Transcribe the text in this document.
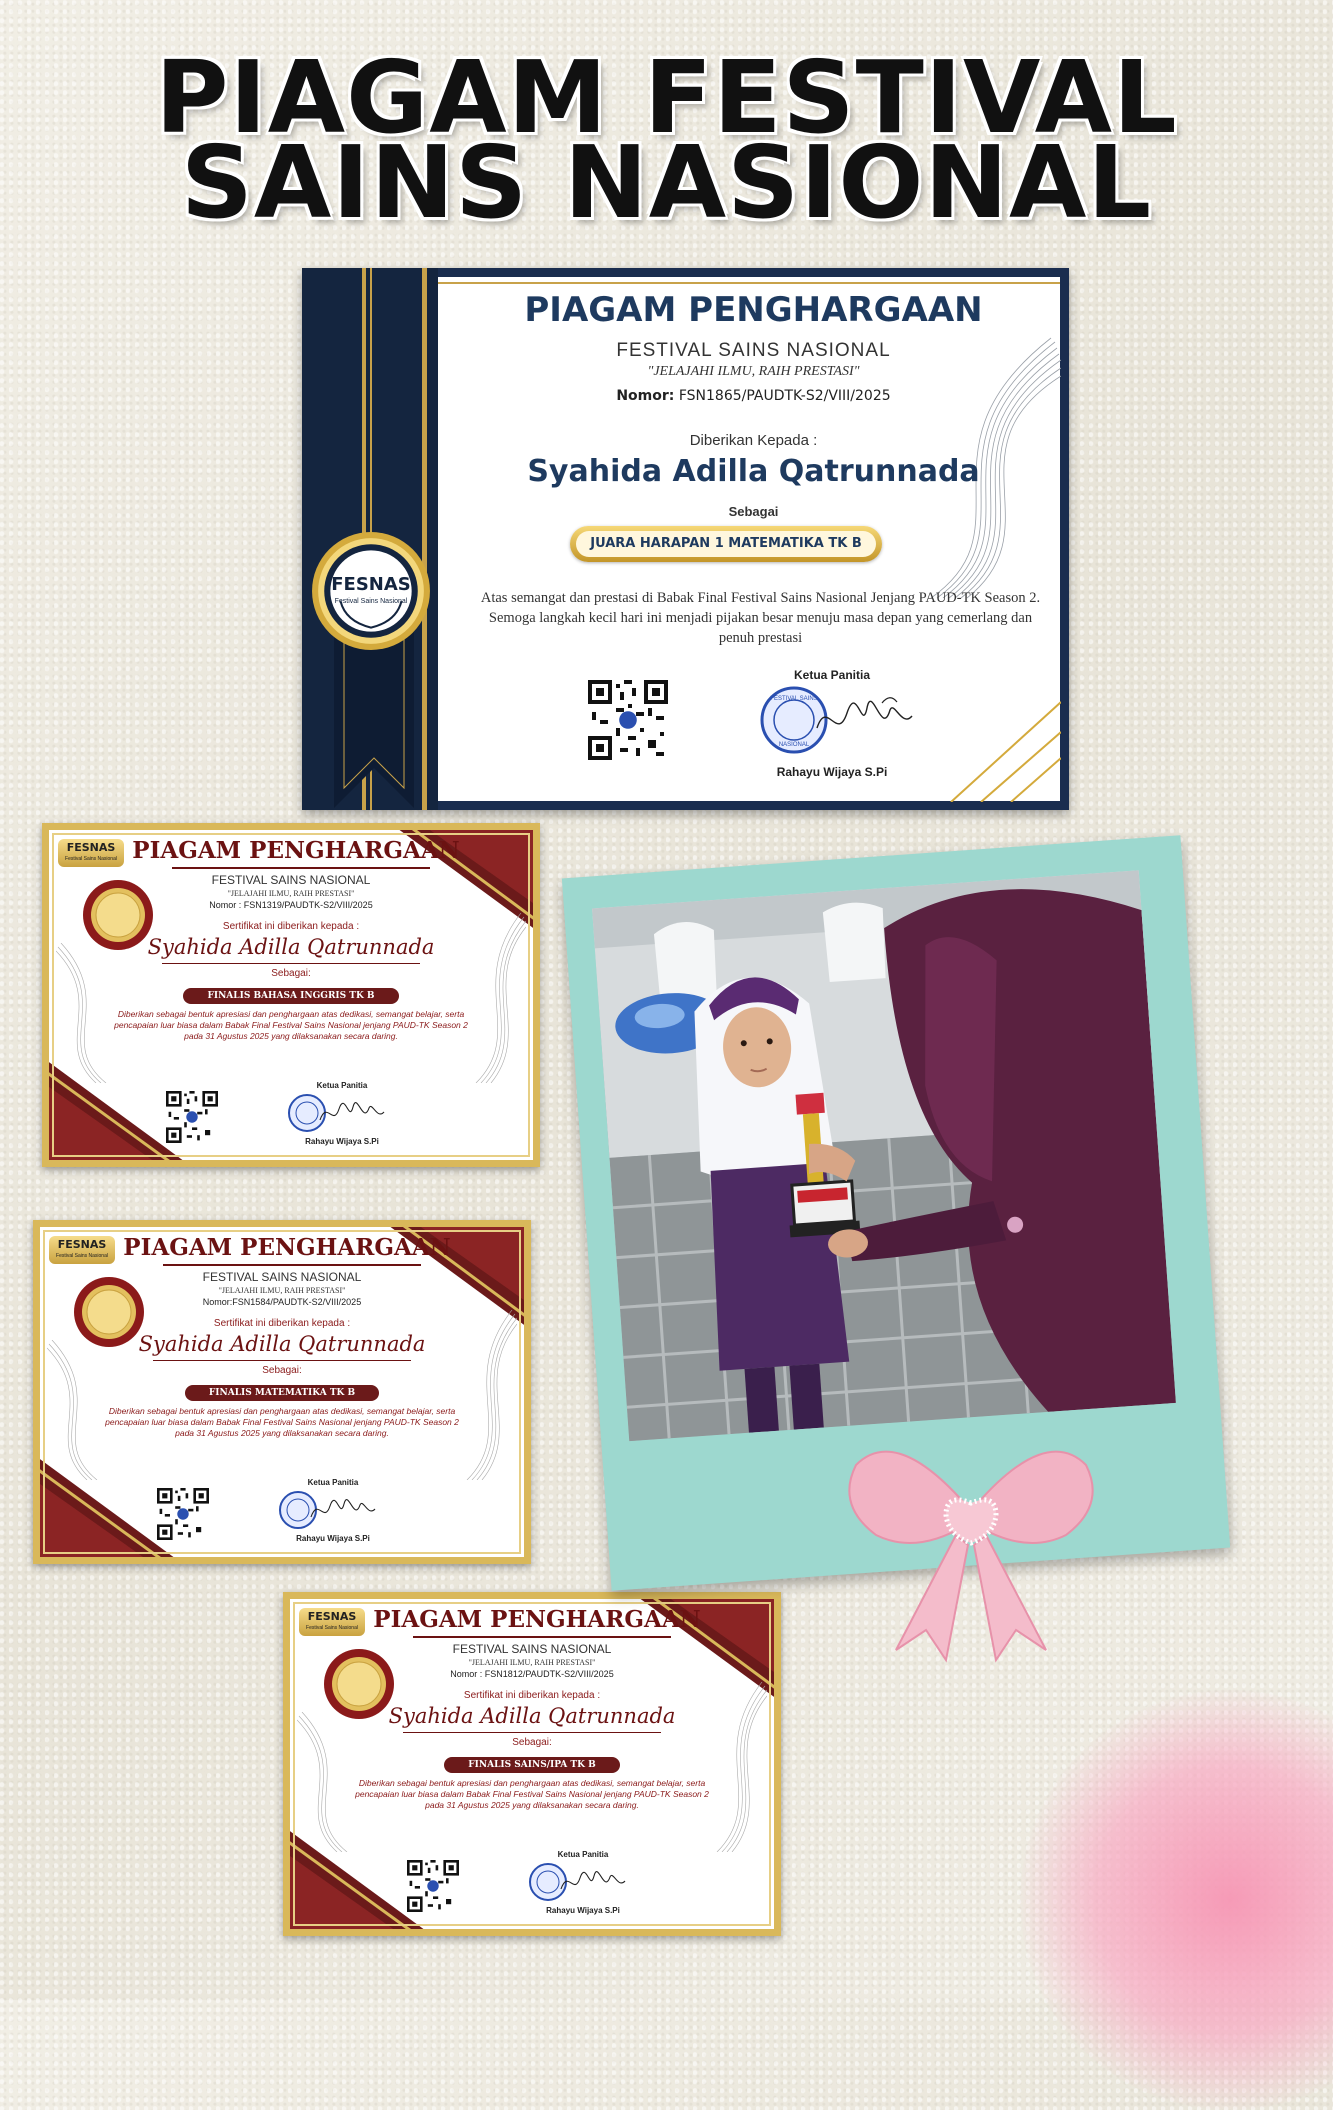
PIAGAM FESTIVAL
SAINS NASIONAL
FESNAS
Festival Sains Nasional
PIAGAM PENGHARGAAN
FESTIVAL SAINS NASIONAL
"JELAJAHI ILMU, RAIH PRESTASI"
Nomor: FSN1865/PAUDTK-S2/VIII/2025
Diberikan Kepada :
Syahida Adilla Qatrunnada
Sebagai
JUARA HARAPAN 1 MATEMATIKA TK B
Atas semangat dan prestasi di Babak Final Festival Sains Nasional Jenjang PAUD-TK Season 2. Semoga langkah kecil hari ini menjadi pijakan besar menuju masa depan yang cemerlang dan penuh prestasi
Ketua Panitia
FESTIVAL SAINS
NASIONAL
Rahayu Wijaya S.Pi
FESNAS
Festival Sains Nasional PIAGAM PENGHARGAAN
FESTIVAL SAINS NASIONAL
"JELAJAHI ILMU, RAIH PRESTASI"
Nomor : FSN1319/PAUDTK-S2/VIII/2025
Sertifikat ini diberikan kepada :
Syahida Adilla Qatrunnada
Sebagai:
FINALIS BAHASA INGGRIS TK B
Diberikan sebagai bentuk apresiasi dan penghargaan atas dedikasi, semangat belajar, serta pencapaian luar biasa dalam Babak Final Festival Sains Nasional jenjang PAUD-TK Season 2 pada 31 Agustus 2025 yang dilaksanakan secara daring.
Ketua Panitia
Rahayu Wijaya S.Pi
FESNAS
Festival Sains Nasional PIAGAM PENGHARGAAN
FESTIVAL SAINS NASIONAL
"JELAJAHI ILMU, RAIH PRESTASI"
Nomor:FSN1584/PAUDTK-S2/VIII/2025
Sertifikat ini diberikan kepada :
Syahida Adilla Qatrunnada
Sebagai:
FINALIS MATEMATIKA TK B
Diberikan sebagai bentuk apresiasi dan penghargaan atas dedikasi, semangat belajar, serta pencapaian luar biasa dalam Babak Final Festival Sains Nasional jenjang PAUD-TK Season 2 pada 31 Agustus 2025 yang dilaksanakan secara daring.
Ketua Panitia
Rahayu Wijaya S.Pi
FESNAS
Festival Sains Nasional PIAGAM PENGHARGAAN
FESTIVAL SAINS NASIONAL
"JELAJAHI ILMU, RAIH PRESTASI"
Nomor : FSN1812/PAUDTK-S2/VIII/2025
Sertifikat ini diberikan kepada :
Syahida Adilla Qatrunnada
Sebagai:
FINALIS SAINS/IPA TK B
Diberikan sebagai bentuk apresiasi dan penghargaan atas dedikasi, semangat belajar, serta pencapaian luar biasa dalam Babak Final Festival Sains Nasional jenjang PAUD-TK Season 2 pada 31 Agustus 2025 yang dilaksanakan secara daring.
Ketua Panitia
Rahayu Wijaya S.Pi
